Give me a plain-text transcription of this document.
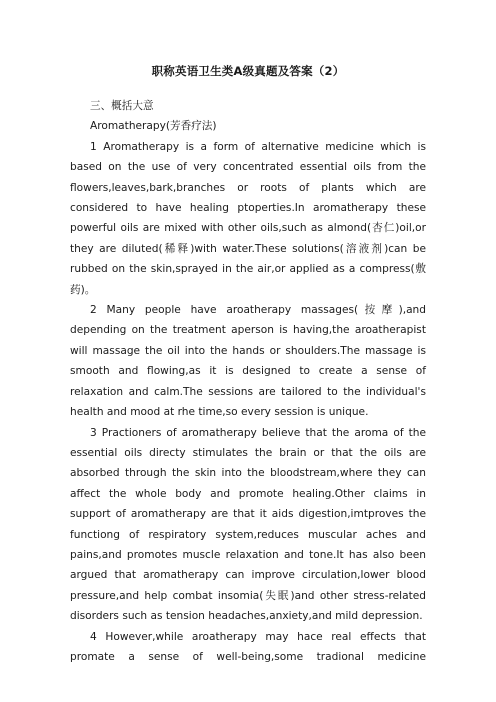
职称英语卫生类A级真题及答案（2）

三、概括大意

Aromatherapy(芳香疗法)

1 Aromatherapy is a form of alternative medicine which is based on the use of very concentrated essential oils from the flowers,leaves,bark,branches or roots of plants which are considered to have healing ptoperties.In aromatherapy these powerful oils are mixed with other oils,such as almond(杏仁)oil,or they are diluted(稀释)with water.These solutions(溶液剂)can be rubbed on the skin,sprayed in the air,or applied as a compress(敷药)。

2 Many people have aroatherapy massages(按摩),and depending on the treatment aperson is having,the aroatherapist will massage the oil into the hands or shoulders.The massage is smooth and flowing,as it is designed to create a sense of relaxation and calm.The sessions are tailored to the individual's health and mood at rhe time,so every session is unique.

3 Practioners of aromatherapy believe that the aroma of the essential oils directy stimulates the brain or that the oils are absorbed through the skin into the bloodstream,where they can affect the whole body and promote healing.Other claims in support of aromatherapy are that it aids digestion,imtproves the functiong of respiratory system,reduces muscular aches and pains,and promotes muscle relaxation and tone.It has also been argued that aromatherapy can improve circulation,lower blood pressure,and help combat insomia(失眠)and other stress-related disorders such as tension headaches,anxiety,and mild depression.

4 However,while aroatherapy may hace real effects that promate a sense of well-being,some tradional medicine
